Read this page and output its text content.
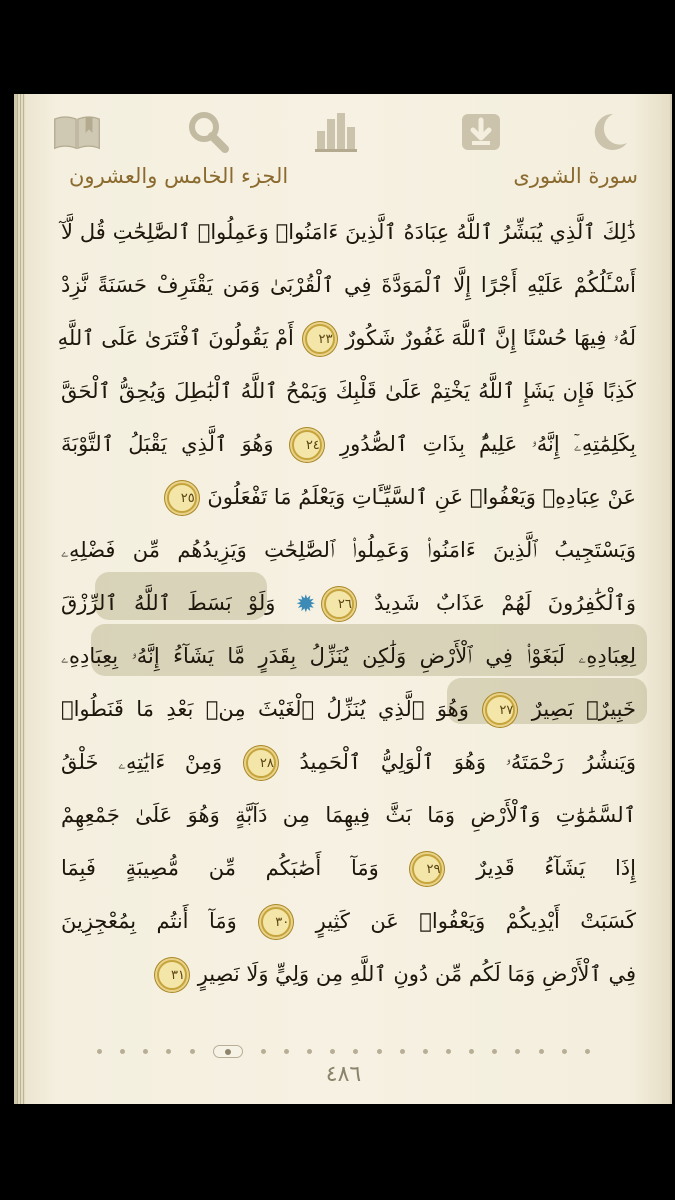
الجزء الخامس والعشرون	سورة الشورى
ذَٰلِكَ ٱلَّذِي يُبَشِّرُ ٱللَّهُ عِبَادَهُ ٱلَّذِينَ ءَامَنُوا۟ وَعَمِلُوا۟ ٱلصَّٰلِحَٰتِ قُل لَّآ
أَسْـَٔلُكُمْ عَلَيْهِ أَجْرًا إِلَّا ٱلْمَوَدَّةَ فِي ٱلْقُرْبَىٰ وَمَن يَقْتَرِفْ حَسَنَةً نَّزِدْ
لَهُۥ فِيهَا حُسْنًا إِنَّ ٱللَّهَ غَفُورٌ شَكُورٌ ٢٣ أَمْ يَقُولُونَ ٱفْتَرَىٰ عَلَى ٱللَّهِ
كَذِبًا فَإِن يَشَإِ ٱللَّهُ يَخْتِمْ عَلَىٰ قَلْبِكَ وَيَمْحُ ٱللَّهُ ٱلْبَٰطِلَ وَيُحِقُّ ٱلْحَقَّ
بِكَلِمَٰتِهِۦٓ إِنَّهُۥ عَلِيمٌۢ بِذَاتِ ٱلصُّدُورِ ٢٤ وَهُوَ ٱلَّذِي يَقْبَلُ ٱلتَّوْبَةَ
عَنْ عِبَادِهِۦ وَيَعْفُوا۟ عَنِ ٱلسَّيِّـَٔاتِ وَيَعْلَمُ مَا تَفْعَلُونَ ٢٥
وَيَسْتَجِيبُ ٱلَّذِينَ ءَامَنُوا۟ وَعَمِلُوا۟ ٱلصَّٰلِحَٰتِ وَيَزِيدُهُم مِّن فَضْلِهِۦ
وَٱلْكَٰفِرُونَ لَهُمْ عَذَابٌ شَدِيدٌ ٢٦✹ وَلَوْ بَسَطَ ٱللَّهُ ٱلرِّزْقَ
لِعِبَادِهِۦ لَبَغَوْا۟ فِي ٱلْأَرْضِ وَلَٰكِن يُنَزِّلُ بِقَدَرٍ مَّا يَشَآءُ إِنَّهُۥ بِعِبَادِهِۦ
خَبِيرٌۢ بَصِيرٌ ٢٧ وَهُوَ ٱلَّذِي يُنَزِّلُ ٱلْغَيْثَ مِنۢ بَعْدِ مَا قَنَطُوا۟
وَيَنشُرُ رَحْمَتَهُۥ وَهُوَ ٱلْوَلِيُّ ٱلْحَمِيدُ ٢٨ وَمِنْ ءَايَٰتِهِۦ خَلْقُ
ٱلسَّمَٰوَٰتِ وَٱلْأَرْضِ وَمَا بَثَّ فِيهِمَا مِن دَآبَّةٍ وَهُوَ عَلَىٰ جَمْعِهِمْ
إِذَا يَشَآءُ قَدِيرٌ ٢٩ وَمَآ أَصَٰبَكُم مِّن مُّصِيبَةٍ فَبِمَا
كَسَبَتْ أَيْدِيكُمْ وَيَعْفُوا۟ عَن كَثِيرٍ ٣٠ وَمَآ أَنتُم بِمُعْجِزِينَ
فِي ٱلْأَرْضِ وَمَا لَكُم مِّن دُونِ ٱللَّهِ مِن وَلِيٍّ وَلَا نَصِيرٍ ٣١
٤٨٦
